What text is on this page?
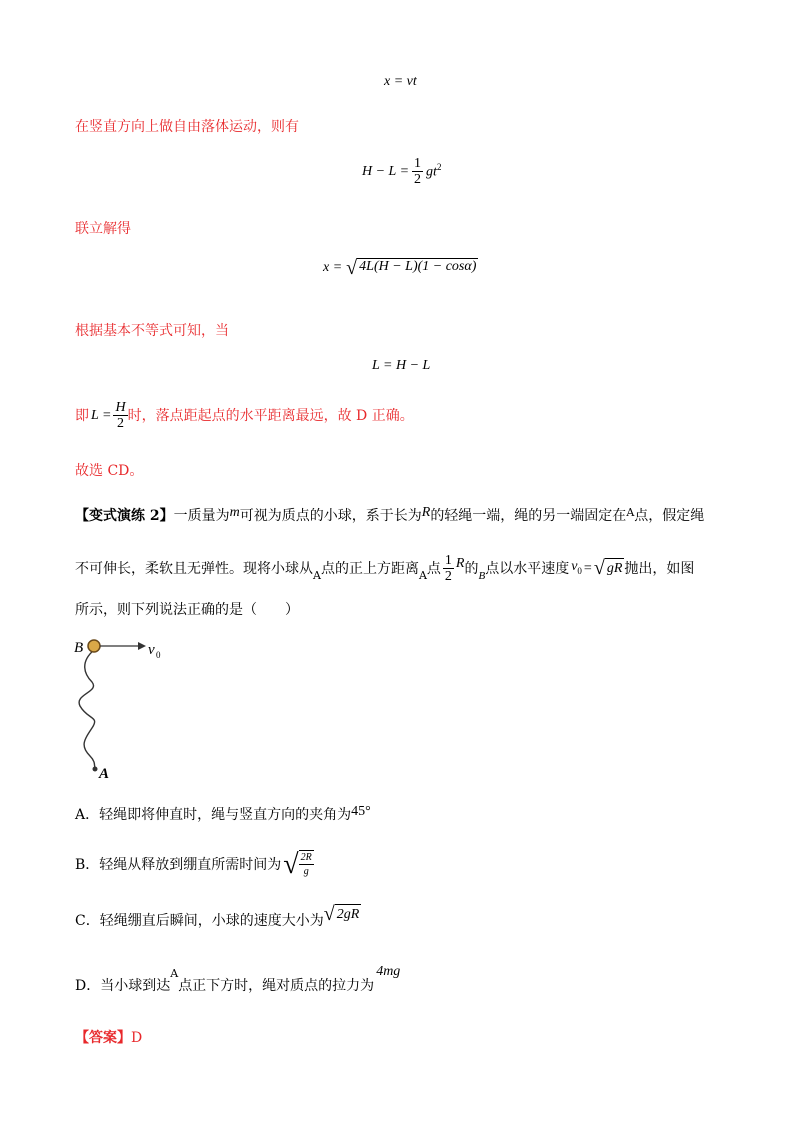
x = vt
在竖直方向上做自由落体运动，则有
$H - L = \frac{1}{2} gt^2$
联立解得
x = √ 4L(H − L)(1 − cosα)
根据基本不等式可知，当
L = H − L
即 $L = \frac{H}{2}$ 时，落点距起点的水平距离最远，故 D 正确。
故选 CD。
【变式演练 2】一质量为m可视为质点的小球，系于长为R的轻绳一端，绳的另一端固定在$^A$点，假定绳
不可伸长，柔软且无弹性。现将小球从 A 点的正上方距离 A 点 $\frac{1}{2}$ R 的 B 点以水平速度 $v_0$ = √ gR 抛出，如图
所示，则下列说法正确的是（　　）
B	v 0
A
A．轻绳即将伸直时，绳与竖直方向的夹角为45°
B．轻绳从释放到绷直所需时间为 √ $\frac{2R}{g}$
C．轻绳绷直后瞬间，小球的速度大小为 √ 2gR
D．当小球到达
A
点正下方时，绳对质点的拉力为
4mg
【答案】D
